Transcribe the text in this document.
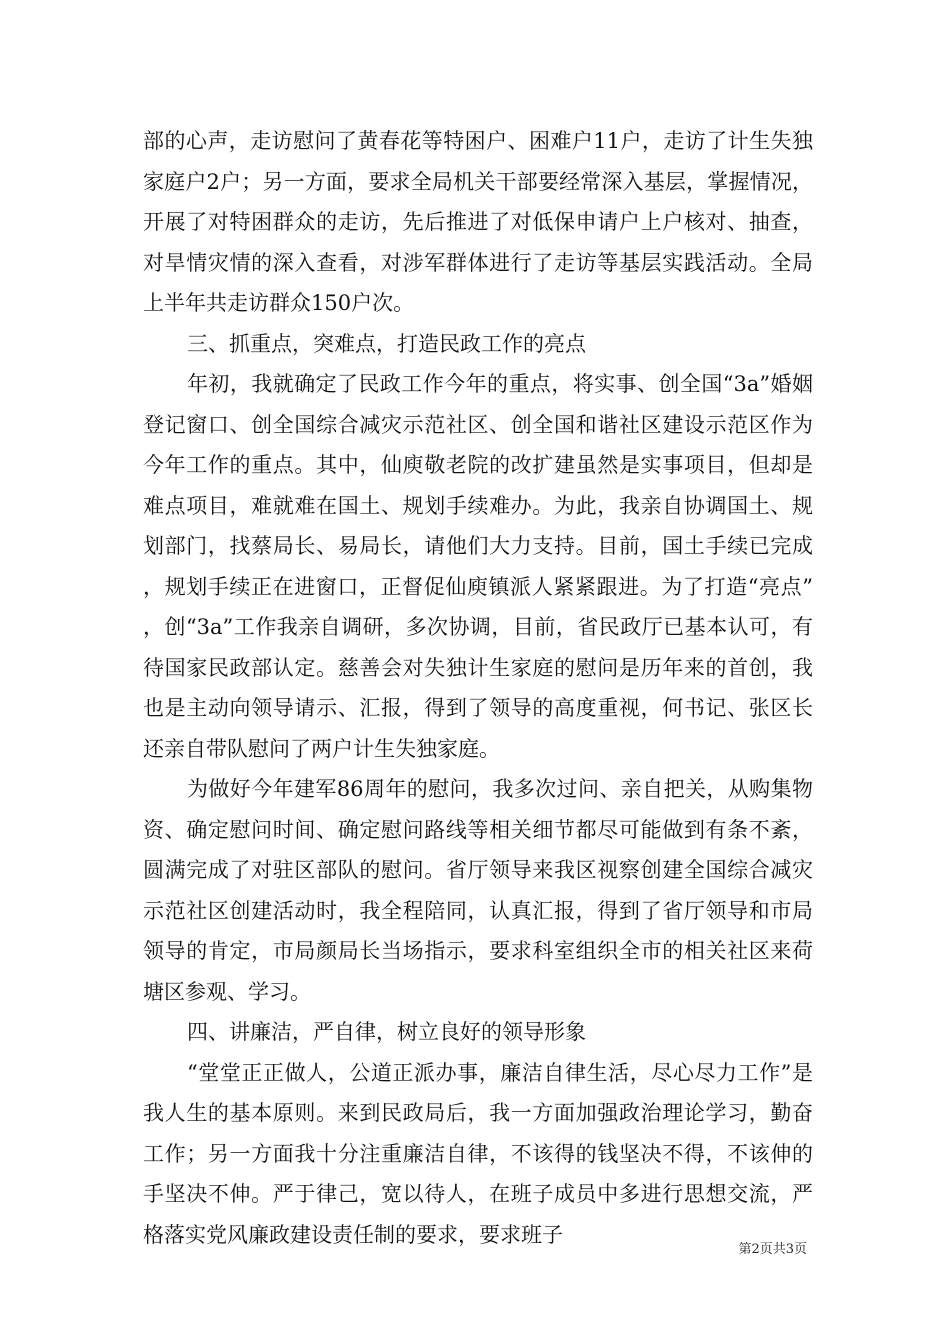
部的心声，走访慰问了黄春花等特困户、困难户11户，走访了计生失独家庭户2户；另一方面，要求全局机关干部要经常深入基层，掌握情况，开展了对特困群众的走访，先后推进了对低保申请户上户核对、抽查，对旱情灾情的深入查看，对涉军群体进行了走访等基层实践活动。全局上半年共走访群众150户次。

三、抓重点，突难点，打造民政工作的亮点

年初，我就确定了民政工作今年的重点，将实事、创全国“3a”婚姻登记窗口、创全国综合减灾示范社区、创全国和谐社区建设示范区作为今年工作的重点。其中，仙庾敬老院的改扩建虽然是实事项目，但却是难点项目，难就难在国土、规划手续难办。为此，我亲自协调国土、规划部门，找蔡局长、易局长，请他们大力支持。目前，国土手续已完成，规划手续正在进窗口，正督促仙庾镇派人紧紧跟进。为了打造“亮点”，创“3a”工作我亲自调研，多次协调，目前，省民政厅已基本认可，有待国家民政部认定。慈善会对失独计生家庭的慰问是历年来的首创，我也是主动向领导请示、汇报，得到了领导的高度重视，何书记、张区长还亲自带队慰问了两户计生失独家庭。

为做好今年建军86周年的慰问，我多次过问、亲自把关，从购集物资、确定慰问时间、确定慰问路线等相关细节都尽可能做到有条不紊，圆满完成了对驻区部队的慰问。省厅领导来我区视察创建全国综合减灾示范社区创建活动时，我全程陪同，认真汇报，得到了省厅领导和市局领导的肯定，市局颜局长当场指示，要求科室组织全市的相关社区来荷塘区参观、学习。

四、讲廉洁，严自律，树立良好的领导形象

“堂堂正正做人，公道正派办事，廉洁自律生活，尽心尽力工作”是我人生的基本原则。来到民政局后，我一方面加强政治理论学习，勤奋工作；另一方面我十分注重廉洁自律，不该得的钱坚决不得，不该伸的手坚决不伸。严于律己，宽以待人，在班子成员中多进行思想交流，严格落实党风廉政建设责任制的要求，要求班子

第2页共3页
